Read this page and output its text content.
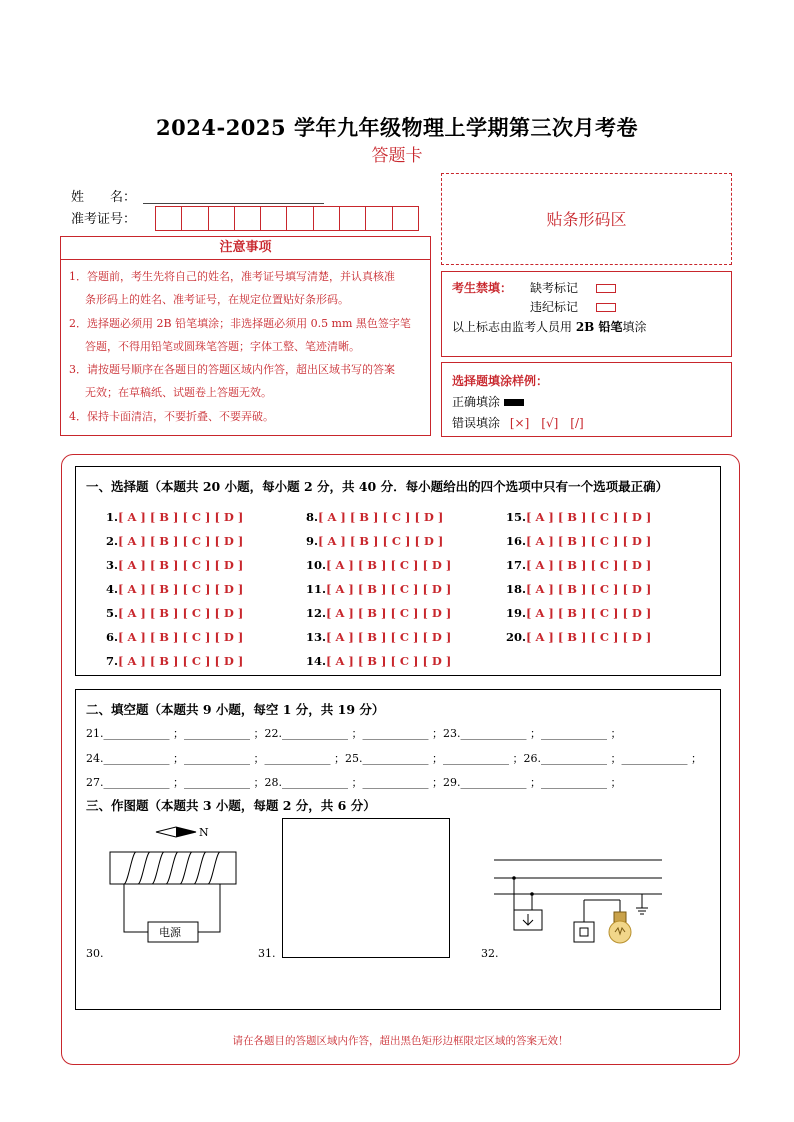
2024-2025 学年九年级物理上学期第三次月考卷
答题卡
姓　　名：
准考证号：
注意事项

1．答题前，考生先将自己的姓名，准考证号填写清楚，并认真核准

条形码上的姓名、准考证号，在规定位置贴好条形码。

2．选择题必须用 2B 铅笔填涂；非选择题必须用 0.5 mm 黑色签字笔

答题，不得用铅笔或圆珠笔答题；字体工整、笔迹清晰。

3．请按题号顺序在各题目的答题区域内作答，超出区域书写的答案

无效；在草稿纸、试题卷上答题无效。

4．保持卡面清洁，不要折叠、不要弄破。

贴条形码区
考生禁填： 缺考标记
违纪标记
以上标志由监考人员用 2B 铅笔填涂
选择题填涂样例：
正确填涂
错误填涂 [×]　[√]　[/]
一、选择题（本题共 20 小题，每小题 2 分，共 40 分．每小题给出的四个选项中只有一个选项最正确）
1.[ A ] [ B ] [ C ] [ D ]
2.[ A ] [ B ] [ C ] [ D ]
3.[ A ] [ B ] [ C ] [ D ]
4.[ A ] [ B ] [ C ] [ D ]
5.[ A ] [ B ] [ C ] [ D ]
6.[ A ] [ B ] [ C ] [ D ]
7.[ A ] [ B ] [ C ] [ D ]
8.[ A ] [ B ] [ C ] [ D ]
9.[ A ] [ B ] [ C ] [ D ]
10.[ A ] [ B ] [ C ] [ D ]
11.[ A ] [ B ] [ C ] [ D ]
12.[ A ] [ B ] [ C ] [ D ]
13.[ A ] [ B ] [ C ] [ D ]
14.[ A ] [ B ] [ C ] [ D ]
15.[ A ] [ B ] [ C ] [ D ]
16.[ A ] [ B ] [ C ] [ D ]
17.[ A ] [ B ] [ C ] [ D ]
18.[ A ] [ B ] [ C ] [ D ]
19.[ A ] [ B ] [ C ] [ D ]
20.[ A ] [ B ] [ C ] [ D ]
二、填空题（本题共 9 小题，每空 1 分，共 19 分）
21.____________ ；____________ ；22.____________ ；____________ ；23.____________ ；____________ ；
24.____________ ；____________ ；____________ ；25.____________ ；____________ ；26.____________ ；____________ ；
27.____________ ；____________ ；28.____________ ；____________ ；29.____________ ；____________ ；
三、作图题（本题共 3 小题，每题 2 分，共 6 分）
30.
N
电源
31.	32.
请在各题目的答题区域内作答，超出黑色矩形边框限定区域的答案无效！
